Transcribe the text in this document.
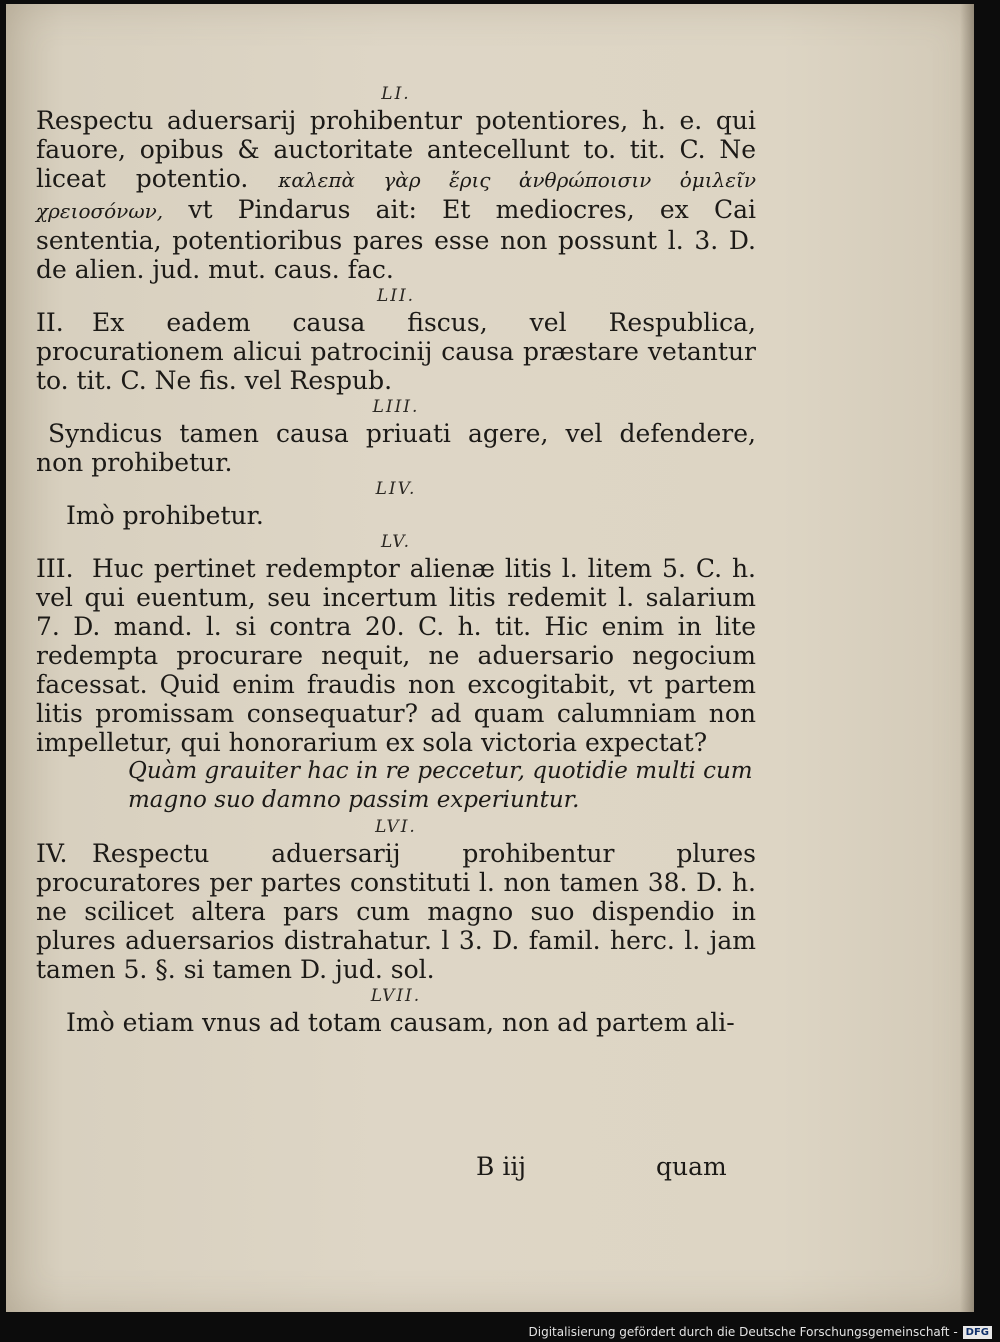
LI.

Respectu aduersarij prohibentur potentiores, h. e. qui fauore, opibus & auctoritate antecellunt to. tit. C. Ne liceat potentio. καλεπὰ γὰρ ἔρις ἀνθρώποισιν ὁμιλεῖν χρειοσόνων, vt Pindarus ait: Et mediocres, ex Cai sententia, potentioribus pares esse non possunt l. 3. D. de alien. jud. mut. caus. fac.

LII.

II. Ex eadem causa fiscus, vel Respublica, procurationem alicui patrocinij causa præstare vetantur to. tit. C. Ne fis. vel Respub.

LIII.

Syndicus tamen causa priuati agere, vel defendere, non prohibetur.

LIV.

Imò prohibetur.

LV.

III. Huc pertinet redemptor alienæ litis l. litem 5. C. h. vel qui euentum, seu incertum litis redemit l. salarium 7. D. mand. l. si contra 20. C. h. tit. Hic enim in lite redempta procurare nequit, ne aduersario negocium facessat. Quid enim fraudis non excogitabit, vt partem litis promissam consequatur? ad quam calumniam non impelletur, qui honorarium ex sola victoria expectat?

Quàm grauiter hac in re peccetur, quotidie multi cum magno suo damno passim experiuntur.

LVI.

IV. Respectu aduersarij prohibentur plures procuratores per partes constituti l. non tamen 38. D. h. ne scilicet altera pars cum magno suo dispendio in plures aduersarios distrahatur. l 3. D. famil. herc. l. jam tamen 5. §. si tamen D. jud. sol.

LVII.

Imò etiam vnus ad totam causam, non ad partem ali-

B iij	quam
Digitalisierung gefördert durch die Deutsche Forschungsgemeinschaft - DFG
